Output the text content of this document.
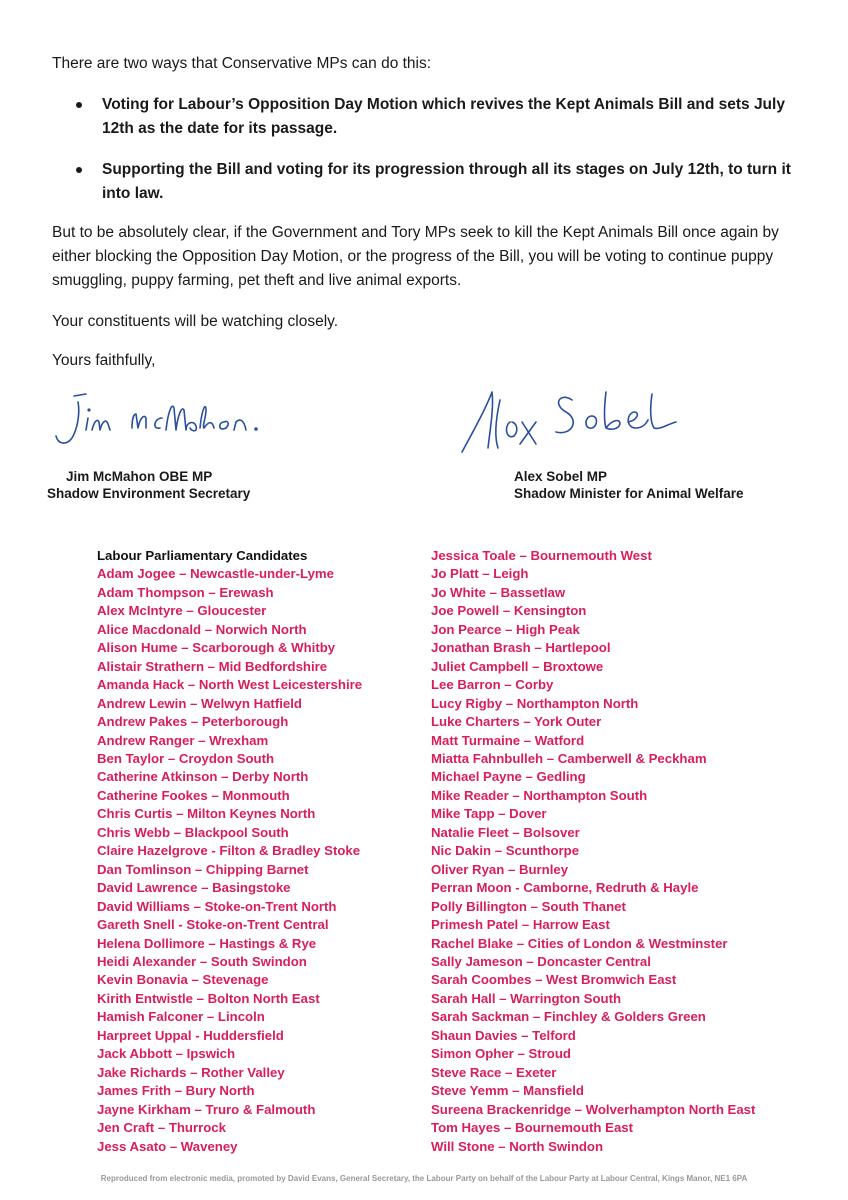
There are two ways that Conservative MPs can do this:

Voting for Labour’s Opposition Day Motion which revives the Kept Animals Bill and sets July 12th as the date for its passage.
Supporting the Bill and voting for its progression through all its stages on July 12th, to turn it into law.

But to be absolutely clear, if the Government and Tory MPs seek to kill the Kept Animals Bill once again by either blocking the Opposition Day Motion, or the progress of the Bill, you will be voting to continue puppy smuggling, puppy farming, pet theft and live animal exports.

Your constituents will be watching closely.

Yours faithfully,

Jim McMahon OBE MP
Shadow Environment Secretary
Alex Sobel MP
Shadow Minister for Animal Welfare
Labour Parliamentary Candidates
Adam Jogee – Newcastle-under-Lyme
Adam Thompson – Erewash
Alex McIntyre – Gloucester
Alice Macdonald – Norwich North
Alison Hume – Scarborough & Whitby
Alistair Strathern – Mid Bedfordshire
Amanda Hack – North West Leicestershire
Andrew Lewin – Welwyn Hatfield
Andrew Pakes – Peterborough
Andrew Ranger – Wrexham
Ben Taylor – Croydon South
Catherine Atkinson – Derby North
Catherine Fookes – Monmouth
Chris Curtis – Milton Keynes North
Chris Webb – Blackpool South
Claire Hazelgrove - Filton & Bradley Stoke
Dan Tomlinson – Chipping Barnet
David Lawrence – Basingstoke
David Williams – Stoke-on-Trent North
Gareth Snell - Stoke-on-Trent Central
Helena Dollimore – Hastings & Rye
Heidi Alexander – South Swindon
Kevin Bonavia – Stevenage
Kirith Entwistle – Bolton North East
Hamish Falconer – Lincoln
Harpreet Uppal - Huddersfield
Jack Abbott – Ipswich
Jake Richards – Rother Valley
James Frith – Bury North
Jayne Kirkham – Truro & Falmouth
Jen Craft – Thurrock
Jess Asato – Waveney
Jessica Toale – Bournemouth West
Jo Platt – Leigh
Jo White – Bassetlaw
Joe Powell – Kensington
Jon Pearce – High Peak
Jonathan Brash – Hartlepool
Juliet Campbell – Broxtowe
Lee Barron – Corby
Lucy Rigby – Northampton North
Luke Charters – York Outer
Matt Turmaine – Watford
Miatta Fahnbulleh – Camberwell & Peckham
Michael Payne – Gedling
Mike Reader – Northampton South
Mike Tapp – Dover
Natalie Fleet – Bolsover
Nic Dakin – Scunthorpe
Oliver Ryan – Burnley
Perran Moon - Camborne, Redruth & Hayle
Polly Billington – South Thanet
Primesh Patel – Harrow East
Rachel Blake – Cities of London & Westminster
Sally Jameson – Doncaster Central
Sarah Coombes – West Bromwich East
Sarah Hall – Warrington South
Sarah Sackman – Finchley & Golders Green
Shaun Davies – Telford
Simon Opher – Stroud
Steve Race – Exeter
Steve Yemm – Mansfield
Sureena Brackenridge – Wolverhampton North East
Tom Hayes – Bournemouth East
Will Stone – North Swindon
Reproduced from electronic media, promoted by David Evans, General Secretary, the Labour Party on behalf of the Labour Party at Labour Central, Kings Manor, NE1 6PA
